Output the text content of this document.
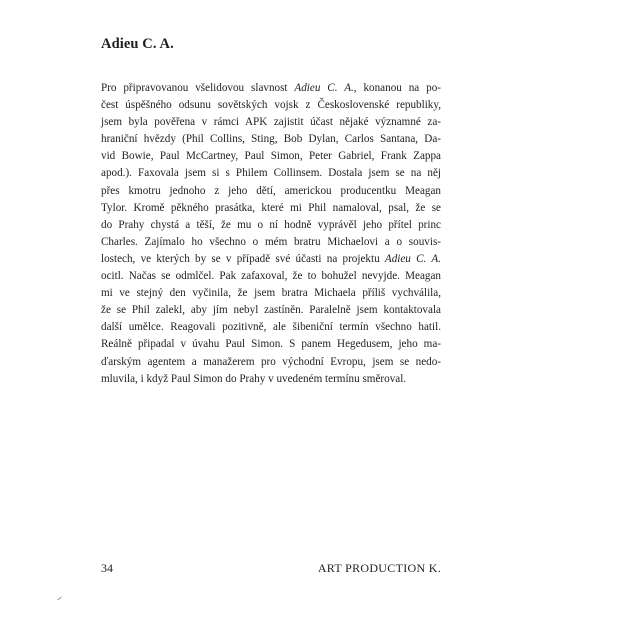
Adieu C. A.
Pro připravovanou všelidovou slavnost Adieu C. A., konanou na po-
čest úspěšného odsunu sovětských vojsk z Československé republiky,
jsem byla pověřena v rámci APK zajistit účast nějaké významné za-
hraniční hvězdy (Phil Collins, Sting, Bob Dylan, Carlos Santana, Da-
vid Bowie, Paul McCartney, Paul Simon, Peter Gabriel, Frank Zappa
apod.). Faxovala jsem si s Philem Collinsem. Dostala jsem se na něj
přes kmotru jednoho z jeho dětí, americkou producentku Meagan
Tylor. Kromě pěkného prasátka, které mi Phil namaloval, psal, že se
do Prahy chystá a těší, že mu o ní hodně vyprávěl jeho přítel princ
Charles. Zajímalo ho všechno o mém bratru Michaelovi a o souvis-
lostech, ve kterých by se v případě své účasti na projektu Adieu C. A.
ocitl. Načas se odmlčel. Pak zafaxoval, že to bohužel nevyjde. Meagan
mi ve stejný den vyčinila, že jsem bratra Michaela příliš vychválila,
že se Phil zalekl, aby jím nebyl zastíněn. Paralelně jsem kontaktovala
další umělce. Reagovali pozitivně, ale šibeniční termín všechno hatil.
Reálně připadal v úvahu Paul Simon. S panem Hegedusem, jeho ma-
ďarským agentem a manažerem pro východní Evropu, jsem se nedo-
mluvila, i když Paul Simon do Prahy v uvedeném termínu směroval.
34	ART PRODUCTION K.
